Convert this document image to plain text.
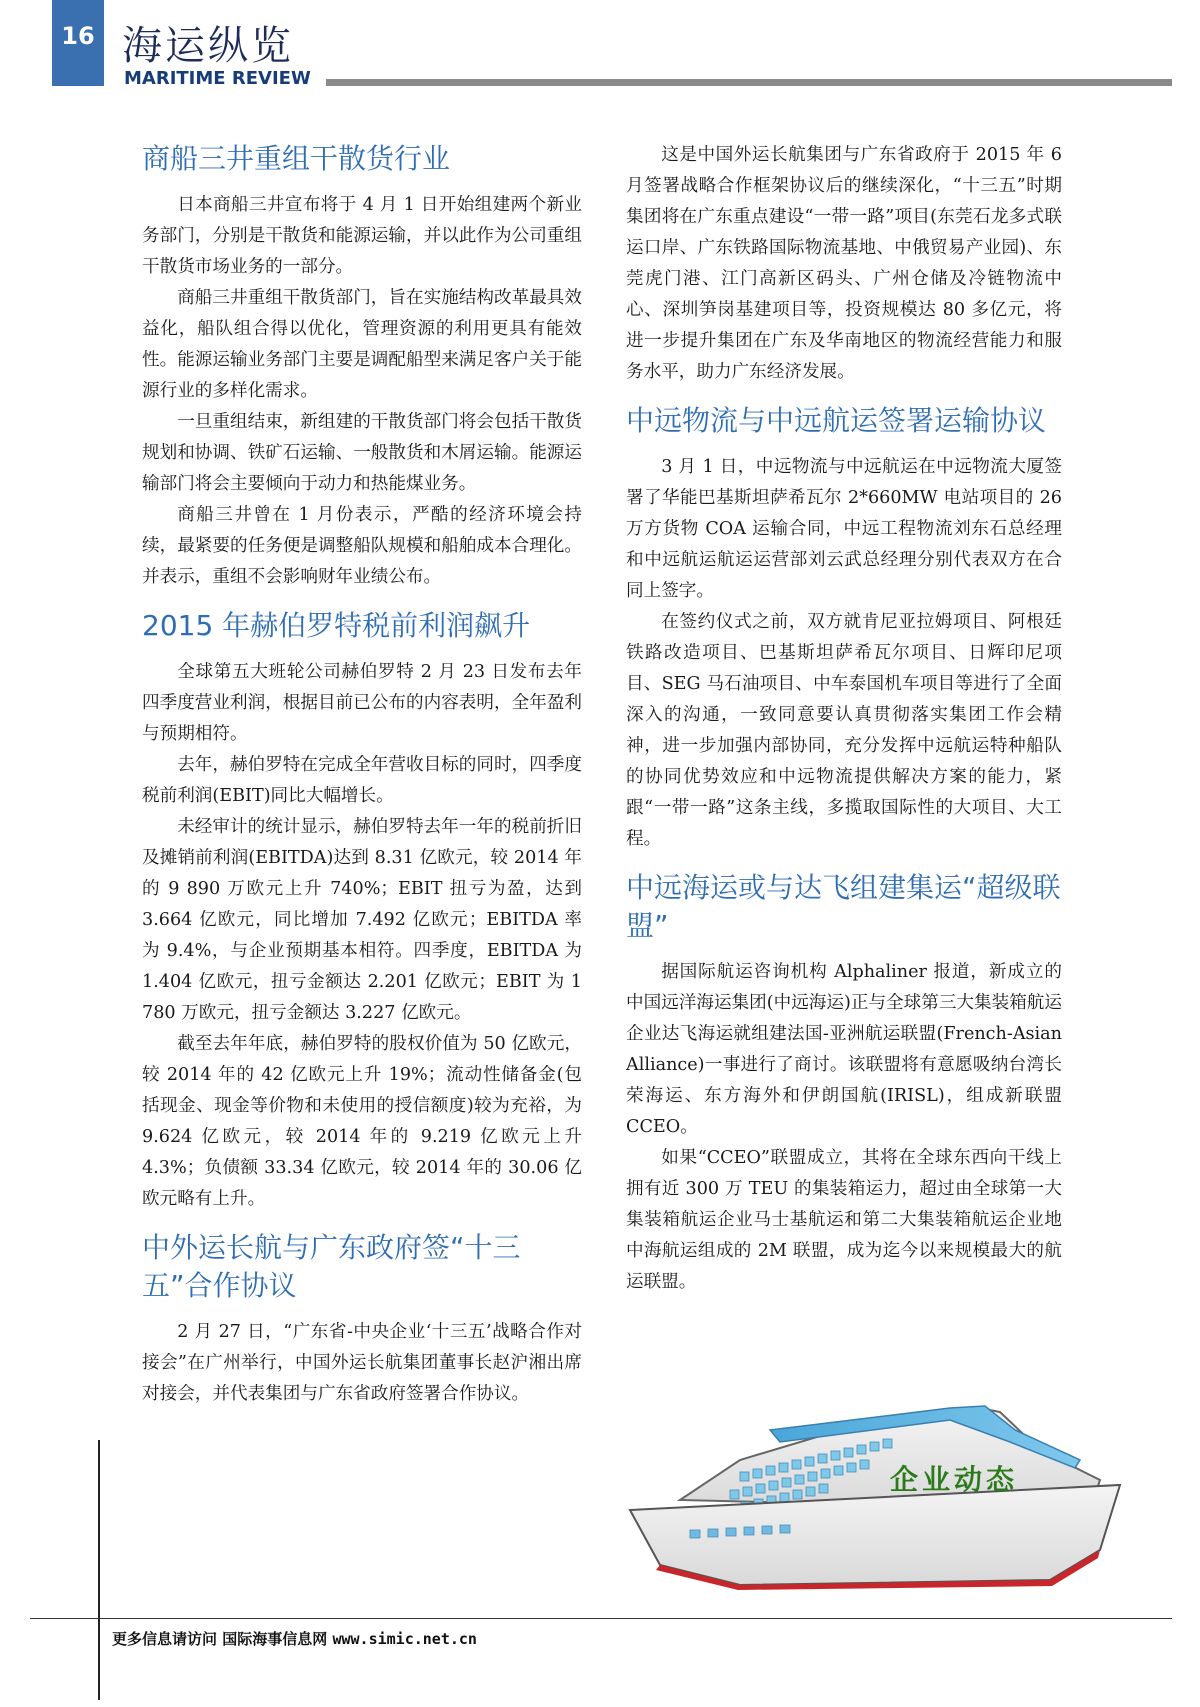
16 海运纵览
MARITIME REVIEW
商船三井重组干散货行业

日本商船三井宣布将于 4 月 1 日开始组建两个新业务部门，分别是干散货和能源运输，并以此作为公司重组干散货市场业务的一部分。

商船三井重组干散货部门，旨在实施结构改革最具效益化，船队组合得以优化，管理资源的利用更具有能效性。能源运输业务部门主要是调配船型来满足客户关于能源行业的多样化需求。

一旦重组结束，新组建的干散货部门将会包括干散货规划和协调、铁矿石运输、一般散货和木屑运输。能源运输部门将会主要倾向于动力和热能煤业务。

商船三井曾在 1 月份表示，严酷的经济环境会持续，最紧要的任务便是调整船队规模和船舶成本合理化。并表示，重组不会影响财年业绩公布。

2015 年赫伯罗特税前利润飙升

全球第五大班轮公司赫伯罗特 2 月 23 日发布去年四季度营业利润，根据目前已公布的内容表明，全年盈利与预期相符。

去年，赫伯罗特在完成全年营收目标的同时，四季度税前利润(EBIT)同比大幅增长。

未经审计的统计显示，赫伯罗特去年一年的税前折旧及摊销前利润(EBITDA)达到 8.31 亿欧元，较 2014 年的 9 890 万欧元上升 740%；EBIT 扭亏为盈，达到 3.664 亿欧元，同比增加 7.492 亿欧元；EBITDA 率为 9.4%，与企业预期基本相符。四季度，EBITDA 为 1.404 亿欧元，扭亏金额达 2.201 亿欧元；EBIT 为 1 780 万欧元，扭亏金额达 3.227 亿欧元。

截至去年年底，赫伯罗特的股权价值为 50 亿欧元，较 2014 年的 42 亿欧元上升 19%；流动性储备金(包括现金、现金等价物和未使用的授信额度)较为充裕，为 9.624 亿欧元，较 2014 年的 9.219 亿欧元上升 4.3%；负债额 33.34 亿欧元，较 2014 年的 30.06 亿欧元略有上升。

中外运长航与广东政府签“十三五”合作协议

2 月 27 日，“广东省-中央企业‘十三五’战略合作对接会”在广州举行，中国外运长航集团董事长赵沪湘出席对接会，并代表集团与广东省政府签署合作协议。

这是中国外运长航集团与广东省政府于 2015 年 6 月签署战略合作框架协议后的继续深化，“十三五”时期集团将在广东重点建设“一带一路”项目(东莞石龙多式联运口岸、广东铁路国际物流基地、中俄贸易产业园)、东莞虎门港、江门高新区码头、广州仓储及冷链物流中心、深圳笋岗基建项目等，投资规模达 80 多亿元，将进一步提升集团在广东及华南地区的物流经营能力和服务水平，助力广东经济发展。

中远物流与中远航运签署运输协议

3 月 1 日，中远物流与中远航运在中远物流大厦签署了华能巴基斯坦萨希瓦尔 2*660MW 电站项目的 26 万方货物 COA 运输合同，中远工程物流刘东石总经理和中远航运航运运营部刘云武总经理分别代表双方在合同上签字。

在签约仪式之前，双方就肯尼亚拉姆项目、阿根廷铁路改造项目、巴基斯坦萨希瓦尔项目、日辉印尼项目、SEG 马石油项目、中车泰国机车项目等进行了全面深入的沟通，一致同意要认真贯彻落实集团工作会精神，进一步加强内部协同，充分发挥中远航运特种船队的协同优势效应和中远物流提供解决方案的能力，紧跟“一带一路”这条主线，多揽取国际性的大项目、大工程。

中远海运或与达飞组建集运“超级联盟”

据国际航运咨询机构 Alphaliner 报道，新成立的中国远洋海运集团(中远海运)正与全球第三大集装箱航运企业达飞海运就组建法国-亚洲航运联盟(French-Asian Alliance)一事进行了商讨。该联盟将有意愿吸纳台湾长荣海运、东方海外和伊朗国航(IRISL)，组成新联盟 CCEO。

如果“CCEO”联盟成立，其将在全球东西向干线上拥有近 300 万 TEU 的集装箱运力，超过由全球第一大集装箱航运企业马士基航运和第二大集装箱航运企业地中海航运组成的 2M 联盟，成为迄今以来规模最大的航运联盟。

企业动态
更多信息请访问 国际海事信息网 www.simic.net.cn
